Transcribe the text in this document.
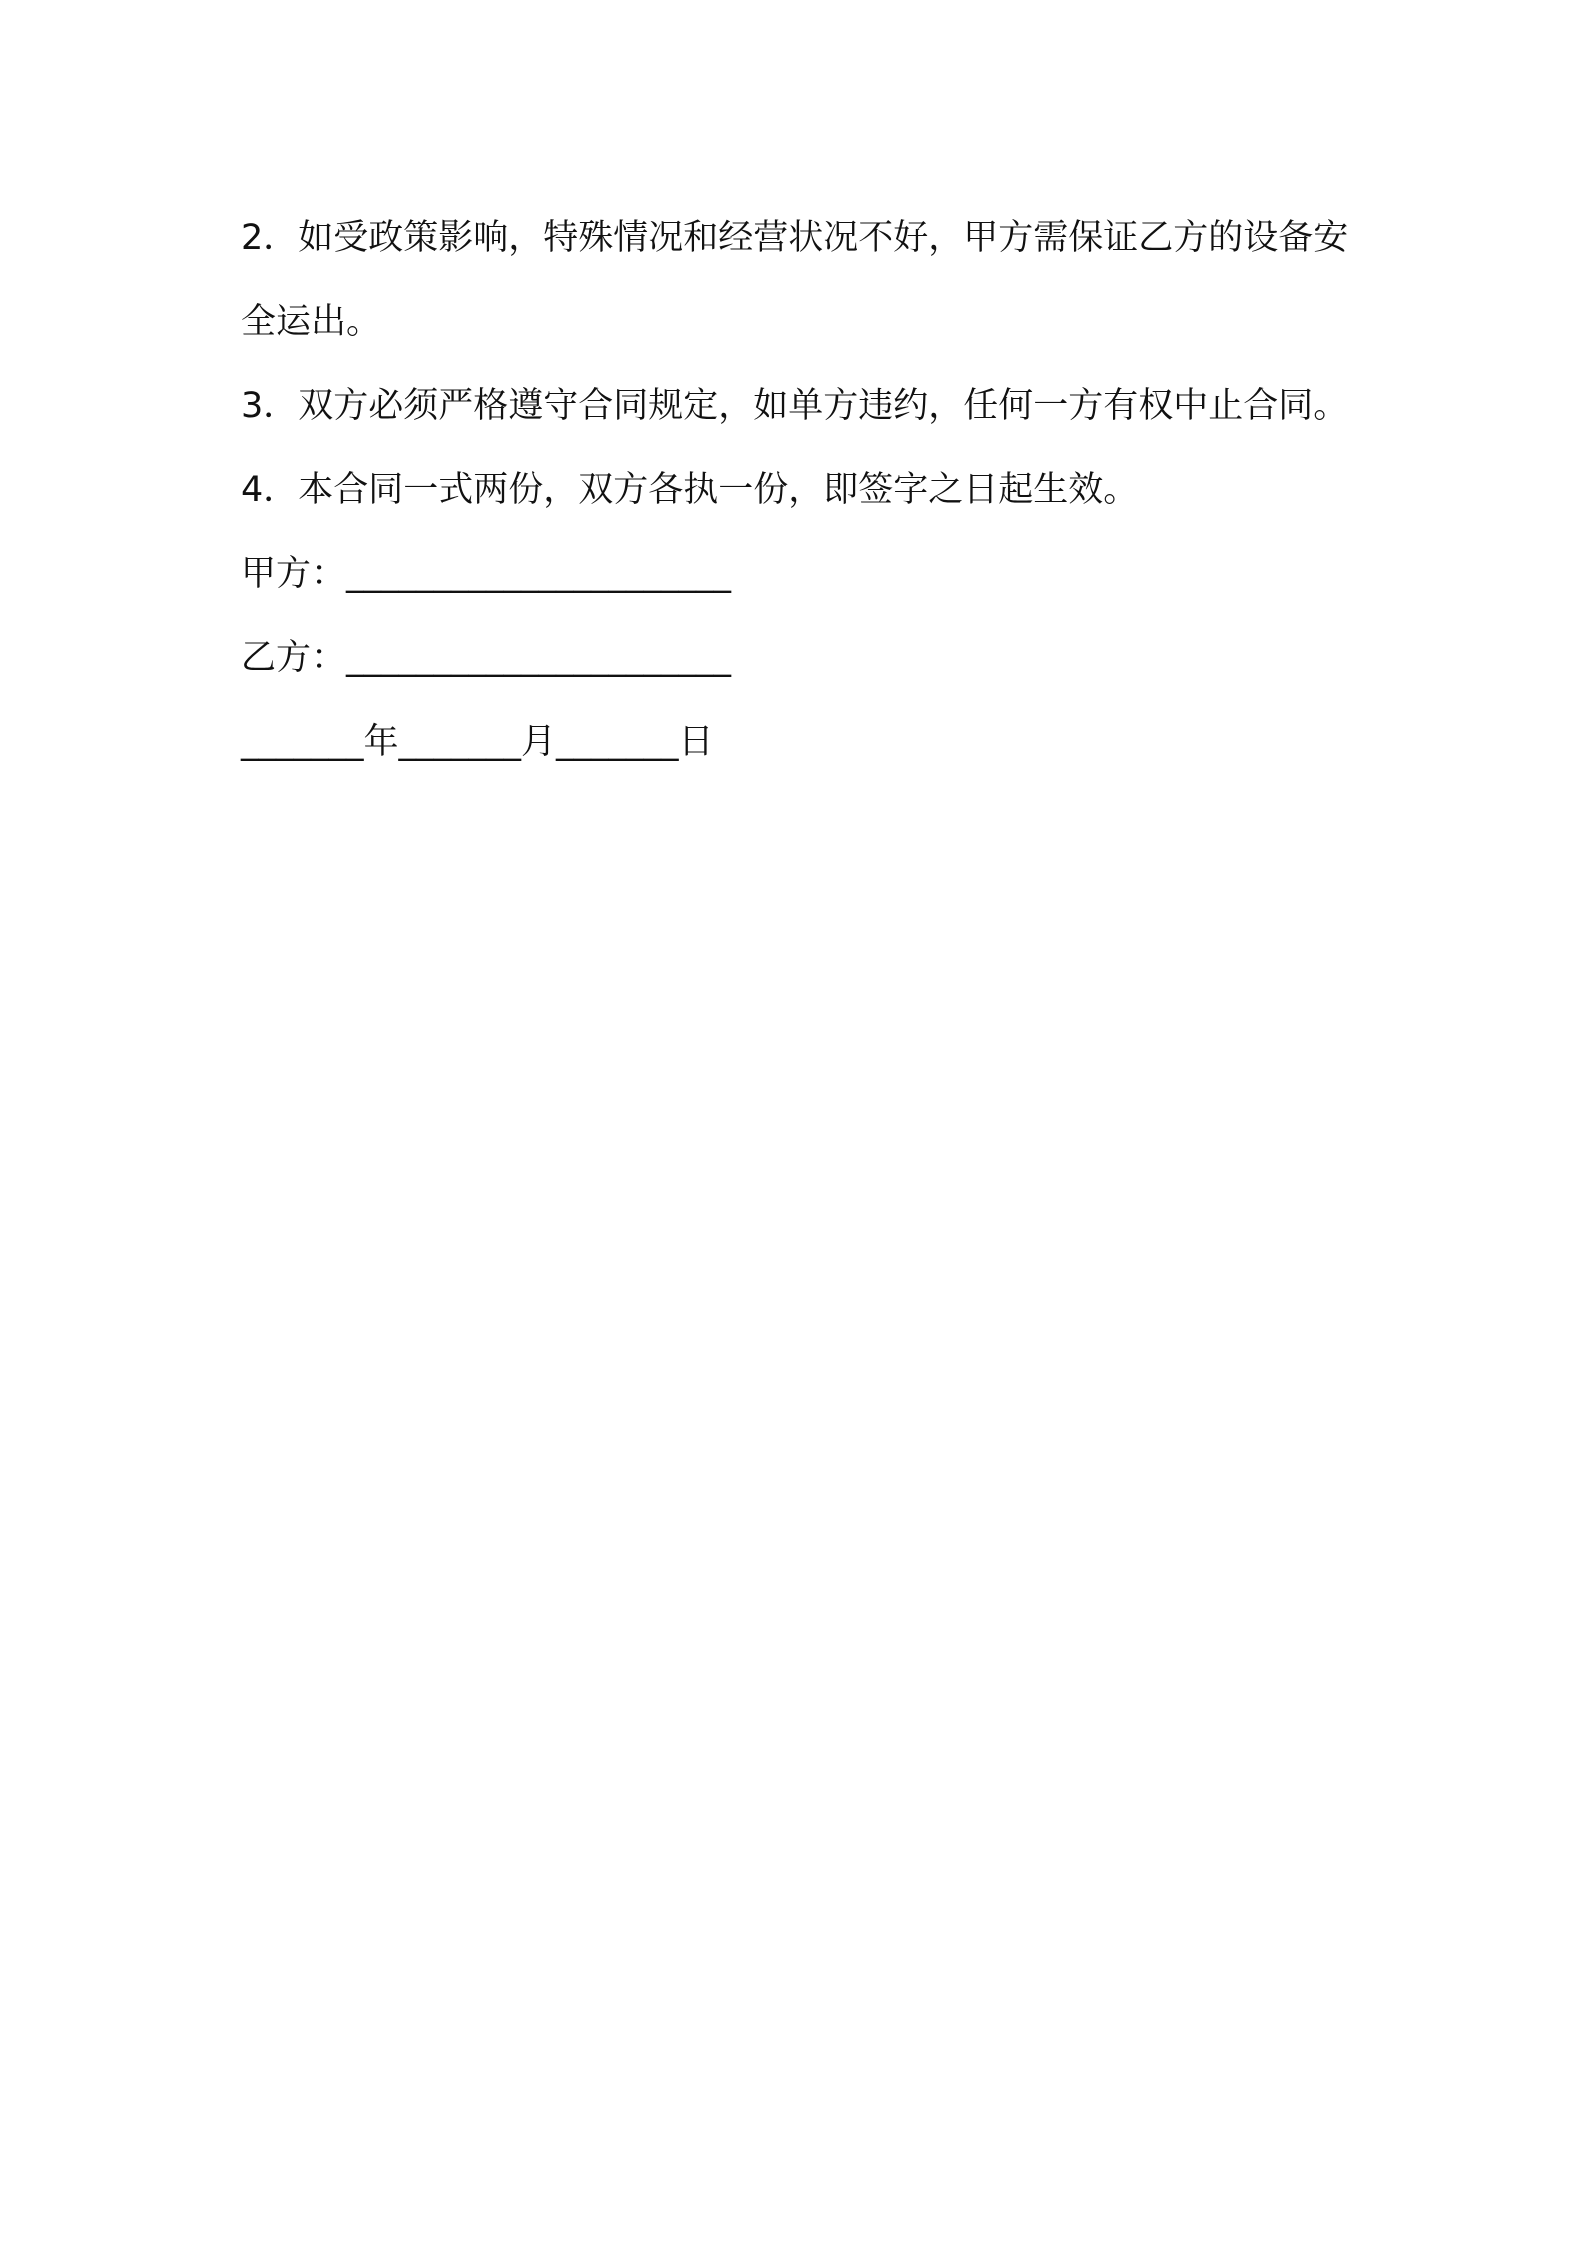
2．如受政策影响，特殊情况和经营状况不好，甲方需保证乙方的设备安全运出。

3．双方必须严格遵守合同规定，如单方违约，任何一方有权中止合同。

4．本合同一式两份，双方各执一份，即签字之日起生效。

甲方：______________________

乙方：______________________

_______年_______月_______日
